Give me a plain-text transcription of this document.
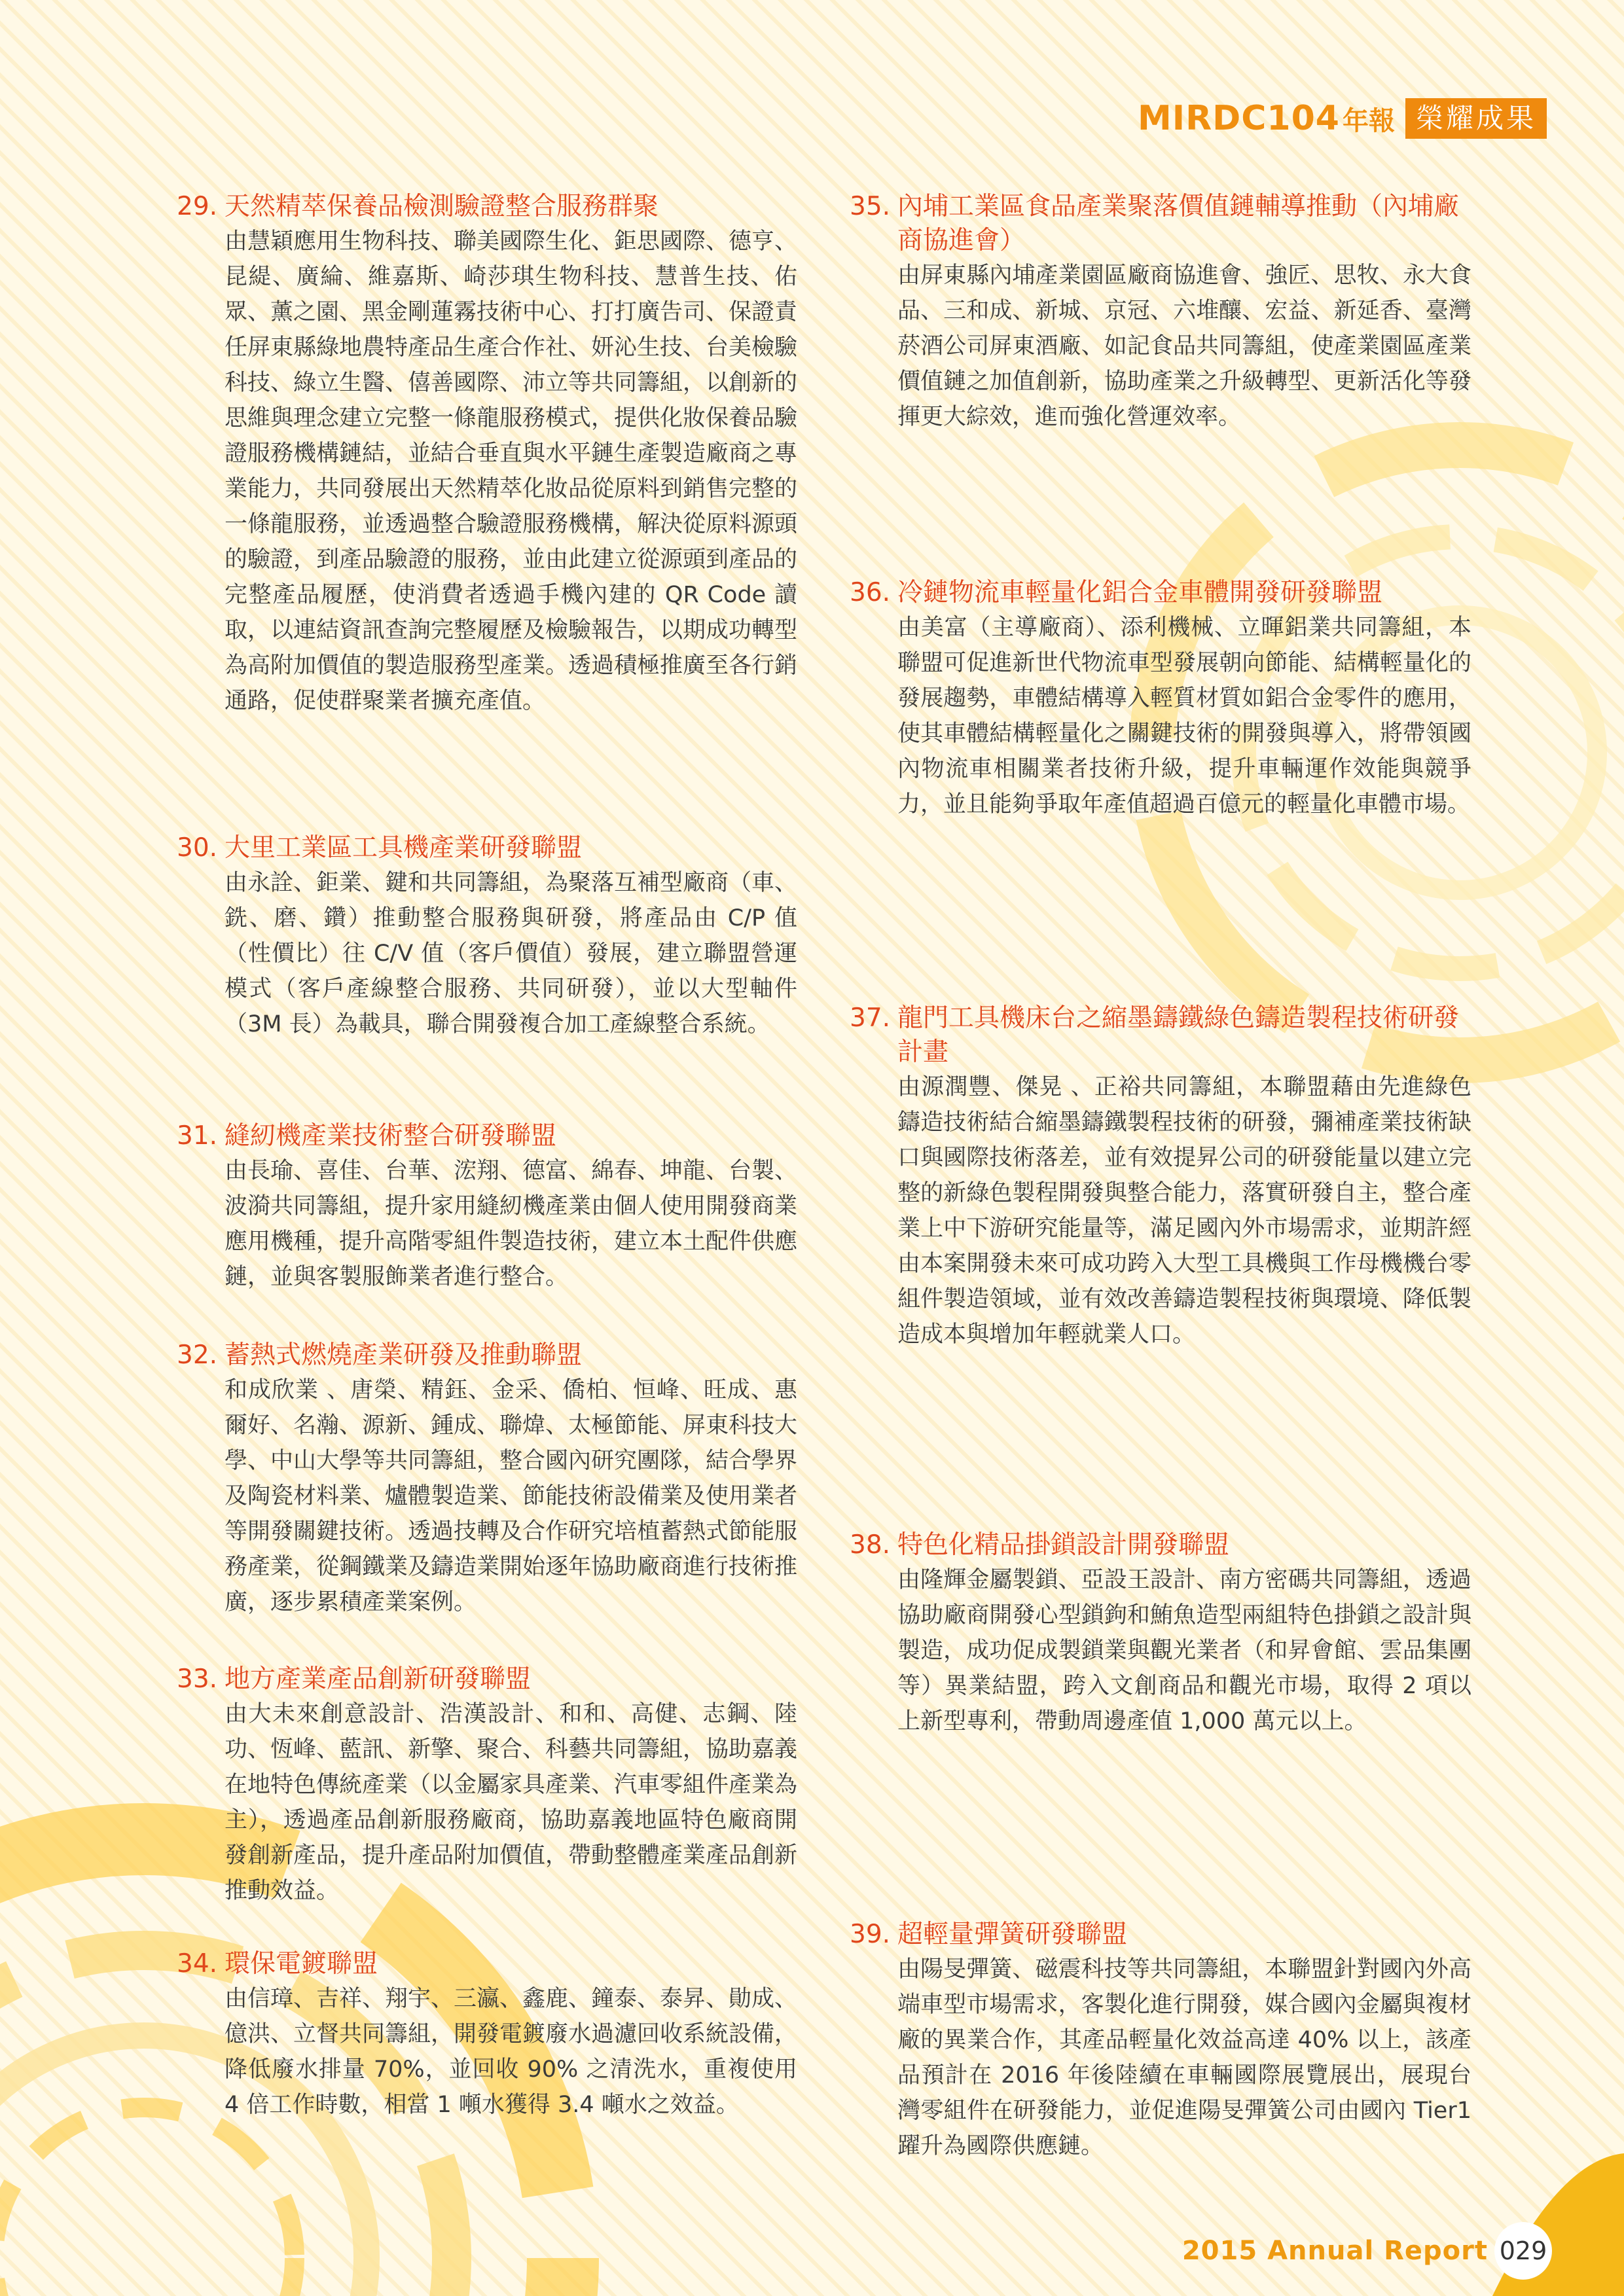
MIRDC104 年報 榮耀成果
29. 天然精萃保養品檢測驗證整合服務群聚
由慧穎應用生物科技、聯美國際生化、鉅思國際、德亨、昆緹、廣綸、維嘉斯、崎莎琪生物科技、慧普生技、佑眾、薰之園、黑金剛蓮霧技術中心、打打廣告司、保證責任屏東縣綠地農特產品生產合作社、妍沁生技、台美檢驗科技、綠立生醫、僖善國際、沛立等共同籌組，以創新的思維與理念建立完整一條龍服務模式，提供化妝保養品驗證服務機構鏈結，並結合垂直與水平鏈生產製造廠商之專業能力，共同發展出天然精萃化妝品從原料到銷售完整的一條龍服務，並透過整合驗證服務機構，解決從原料源頭的驗證，到產品驗證的服務，並由此建立從源頭到產品的完整產品履歷，使消費者透過手機內建的 QR Code 讀取，以連結資訊查詢完整履歷及檢驗報告，以期成功轉型為高附加價值的製造服務型產業。透過積極推廣至各行銷通路，促使群聚業者擴充產值。
30. 大里工業區工具機產業研發聯盟
由永詮、鉅業、鍵和共同籌組，為聚落互補型廠商（車、銑、磨、鑽）推動整合服務與研發，將產品由 C/P 值（性價比）往 C/V 值（客戶價值）發展，建立聯盟營運模式（客戶產線整合服務、共同研發），並以大型軸件（3M 長）為載具，聯合開發複合加工產線整合系統。
31. 縫紉機產業技術整合研發聯盟
由長瑜、喜佳、台華、浤翔、德富、綿春、坤龍、台製、波漪共同籌組，提升家用縫紉機產業由個人使用開發商業應用機種，提升高階零組件製造技術，建立本土配件供應鏈，並與客製服飾業者進行整合。
32. 蓄熱式燃燒產業研發及推動聯盟
和成欣業 、唐榮、精鈺、金采、僑柏、恒峰、旺成、惠爾好、名瀚、源新、鍾成、聯煒、太極節能、屏東科技大學、中山大學等共同籌組，整合國內研究團隊，結合學界及陶瓷材料業、爐體製造業、節能技術設備業及使用業者等開發關鍵技術。透過技轉及合作研究培植蓄熱式節能服務產業，從鋼鐵業及鑄造業開始逐年協助廠商進行技術推廣，逐步累積產業案例。
33. 地方產業產品創新研發聯盟
由大未來創意設計、浩漢設計、和和、高健、志鋼、陸功、恆峰、藍訊、新擎、聚合、科藝共同籌組，協助嘉義在地特色傳統產業（以金屬家具產業、汽車零組件產業為主），透過產品創新服務廠商，協助嘉義地區特色廠商開發創新產品，提升產品附加價值，帶動整體產業產品創新推動效益。
34. 環保電鍍聯盟
由信璋、吉祥、翔宇、三瀛、鑫鹿、鐘泰、泰昇、勛成、億洪、立督共同籌組，開發電鍍廢水過濾回收系統設備，降低廢水排量 70%，並回收 90% 之清洗水，重複使用 4 倍工作時數，相當 1 噸水獲得 3.4 噸水之效益。
35. 內埔工業區食品產業聚落價值鏈輔導推動（內埔廠商協進會）
由屏東縣內埔產業園區廠商協進會、強匠、思牧、永大食品、三和成、新城、京冠、六堆釀、宏益、新延香、臺灣菸酒公司屏東酒廠、如記食品共同籌組，使產業園區產業價值鏈之加值創新，協助產業之升級轉型、更新活化等發揮更大綜效，進而強化營運效率。
36. 冷鏈物流車輕量化鋁合金車體開發研發聯盟
由美富（主導廠商）、添利機械、立暉鋁業共同籌組，本聯盟可促進新世代物流車型發展朝向節能、結構輕量化的發展趨勢，車體結構導入輕質材質如鋁合金零件的應用，使其車體結構輕量化之關鍵技術的開發與導入，將帶領國內物流車相關業者技術升級，提升車輛運作效能與競爭力，並且能夠爭取年產值超過百億元的輕量化車體市場。
37. 龍門工具機床台之縮墨鑄鐵綠色鑄造製程技術研發計畫
由源潤豐、傑晃 、正裕共同籌組，本聯盟藉由先進綠色鑄造技術結合縮墨鑄鐵製程技術的研發，彌補產業技術缺口與國際技術落差，並有效提昇公司的研發能量以建立完整的新綠色製程開發與整合能力，落實研發自主，整合產業上中下游研究能量等，滿足國內外市場需求，並期許經由本案開發未來可成功跨入大型工具機與工作母機機台零組件製造領域，並有效改善鑄造製程技術與環境、降低製造成本與增加年輕就業人口。
38. 特色化精品掛鎖設計開發聯盟
由隆輝金屬製鎖、亞設王設計、南方密碼共同籌組，透過協助廠商開發心型鎖鉤和鮪魚造型兩組特色掛鎖之設計與製造，成功促成製鎖業與觀光業者（和昇會館、雲品集團等）異業結盟，跨入文創商品和觀光市場，取得 2 項以上新型專利，帶動周邊產值 1,000 萬元以上。
39. 超輕量彈簧研發聯盟
由陽旻彈簧、磁震科技等共同籌組，本聯盟針對國內外高端車型市場需求，客製化進行開發，媒合國內金屬與複材廠的異業合作，其產品輕量化效益高達 40% 以上，該產品預計在 2016 年後陸續在車輛國際展覽展出，展現台灣零組件在研發能力，並促進陽旻彈簧公司由國內 Tier1 躍升為國際供應鏈。
2015 Annual Report 029
